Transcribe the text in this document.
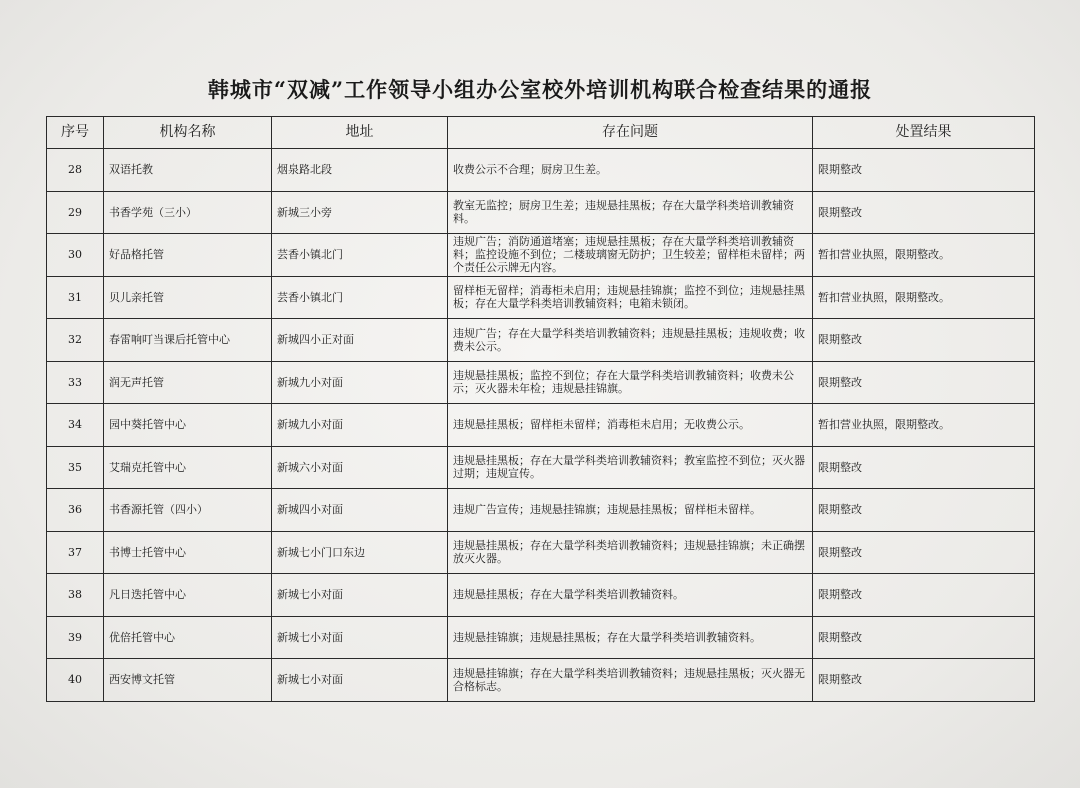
韩城市“双减”工作领导小组办公室校外培训机构联合检查结果的通报
序号	机构名称	地址	存在问题	处置结果
28	双语托教	烟泉路北段	收费公示不合理；厨房卫生差。	限期整改
29	书香学苑（三小）	新城三小旁	教室无监控；厨房卫生差；违规悬挂黑板；存在大量学科类培训教辅资料。	限期整改
30	好品格托管	芸香小镇北门	违规广告；消防通道堵塞；违规悬挂黑板；存在大量学科类培训教辅资料；监控设施不到位；二楼玻璃窗无防护；卫生较差；留样柜未留样；两个责任公示牌无内容。	暂扣营业执照，限期整改。
31	贝儿亲托管	芸香小镇北门	留样柜无留样；消毒柜未启用；违规悬挂锦旗；监控不到位；违规悬挂黑板；存在大量学科类培训教辅资料；电箱未锁闭。	暂扣营业执照，限期整改。
32	春雷响叮当课后托管中心	新城四小正对面	违规广告；存在大量学科类培训教辅资料；违规悬挂黑板；违规收费；收费未公示。	限期整改
33	润无声托管	新城九小对面	违规悬挂黑板；监控不到位；存在大量学科类培训教辅资料；收费未公示；灭火器未年检；违规悬挂锦旗。	限期整改
34	园中葵托管中心	新城九小对面	违规悬挂黑板；留样柜未留样；消毒柜未启用；无收费公示。	暂扣营业执照，限期整改。
35	艾瑞克托管中心	新城六小对面	违规悬挂黑板；存在大量学科类培训教辅资料；教室监控不到位；灭火器过期；违规宣传。	限期整改
36	书香源托管（四小）	新城四小对面	违规广告宣传；违规悬挂锦旗；违规悬挂黑板；留样柜未留样。	限期整改
37	书博士托管中心	新城七小门口东边	违规悬挂黑板；存在大量学科类培训教辅资料；违规悬挂锦旗；未正确摆放灭火器。	限期整改
38	凡日迭托管中心	新城七小对面	违规悬挂黑板；存在大量学科类培训教辅资料。	限期整改
39	优倍托管中心	新城七小对面	违规悬挂锦旗；违规悬挂黑板；存在大量学科类培训教辅资料。	限期整改
40	西安博文托管	新城七小对面	违规悬挂锦旗；存在大量学科类培训教辅资料；违规悬挂黑板；灭火器无合格标志。	限期整改
